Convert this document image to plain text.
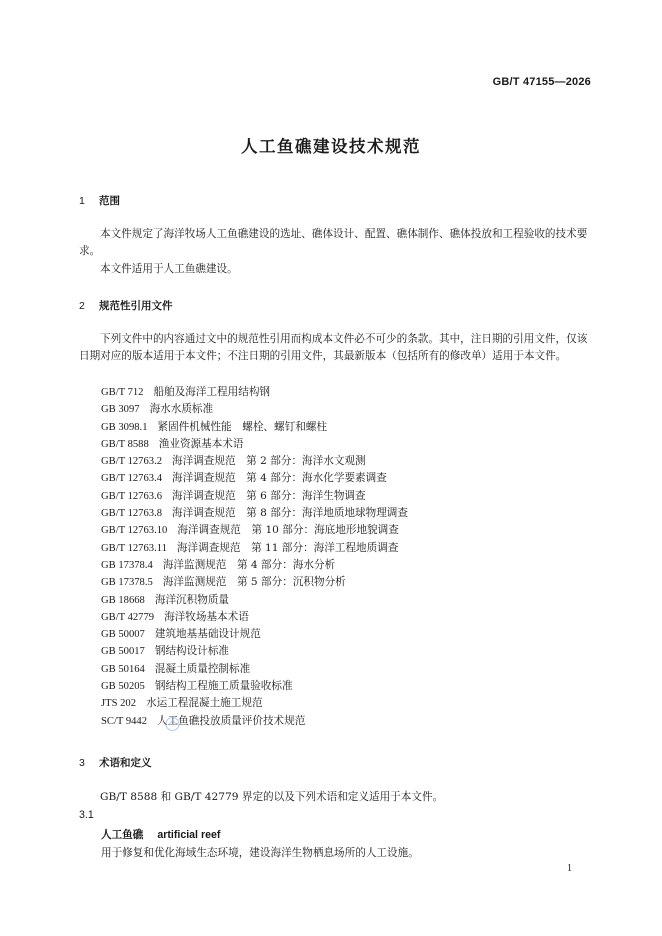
GB/T 47155—2026
人工鱼礁建设技术规范
1 范围
本文件规定了海洋牧场人工鱼礁建设的选址、礁体设计、配置、礁体制作、礁体投放和工程验收的技术要求。
本文件适用于人工鱼礁建设。
2 规范性引用文件
下列文件中的内容通过文中的规范性引用而构成本文件必不可少的条款。其中，注日期的引用文件，仅该日期对应的版本适用于本文件；不注日期的引用文件，其最新版本（包括所有的修改单）适用于本文件。
GB/T 712 船舶及海洋工程用结构钢
GB 3097 海水水质标准
GB 3098.1 紧固件机械性能　螺栓、螺钉和螺柱
GB/T 8588 渔业资源基本术语
GB/T 12763.2 海洋调查规范　第 2 部分：海洋水文观测
GB/T 12763.4 海洋调查规范　第 4 部分：海水化学要素调查
GB/T 12763.6 海洋调查规范　第 6 部分：海洋生物调查
GB/T 12763.8 海洋调查规范　第 8 部分：海洋地质地球物理调查
GB/T 12763.10 海洋调查规范　第 10 部分：海底地形地貌调查
GB/T 12763.11 海洋调查规范　第 11 部分：海洋工程地质调查
GB 17378.4 海洋监测规范　第 4 部分：海水分析
GB 17378.5 海洋监测规范　第 5 部分：沉积物分析
GB 18668 海洋沉积物质量
GB/T 42779 海洋牧场基本术语
GB 50007 建筑地基基础设计规范
GB 50017 钢结构设计标准
GB 50164 混凝土质量控制标准
GB 50205 钢结构工程施工质量验收标准
JTS 202 水运工程混凝土施工规范
SC/T 9442 人工鱼礁投放质量评价技术规范
3 术语和定义
GB/T 8588 和 GB/T 42779 界定的以及下列术语和定义适用于本文件。
3.1
人工鱼礁 artificial reef
用于修复和优化海域生态环境，建设海洋生物栖息场所的人工设施。
1
